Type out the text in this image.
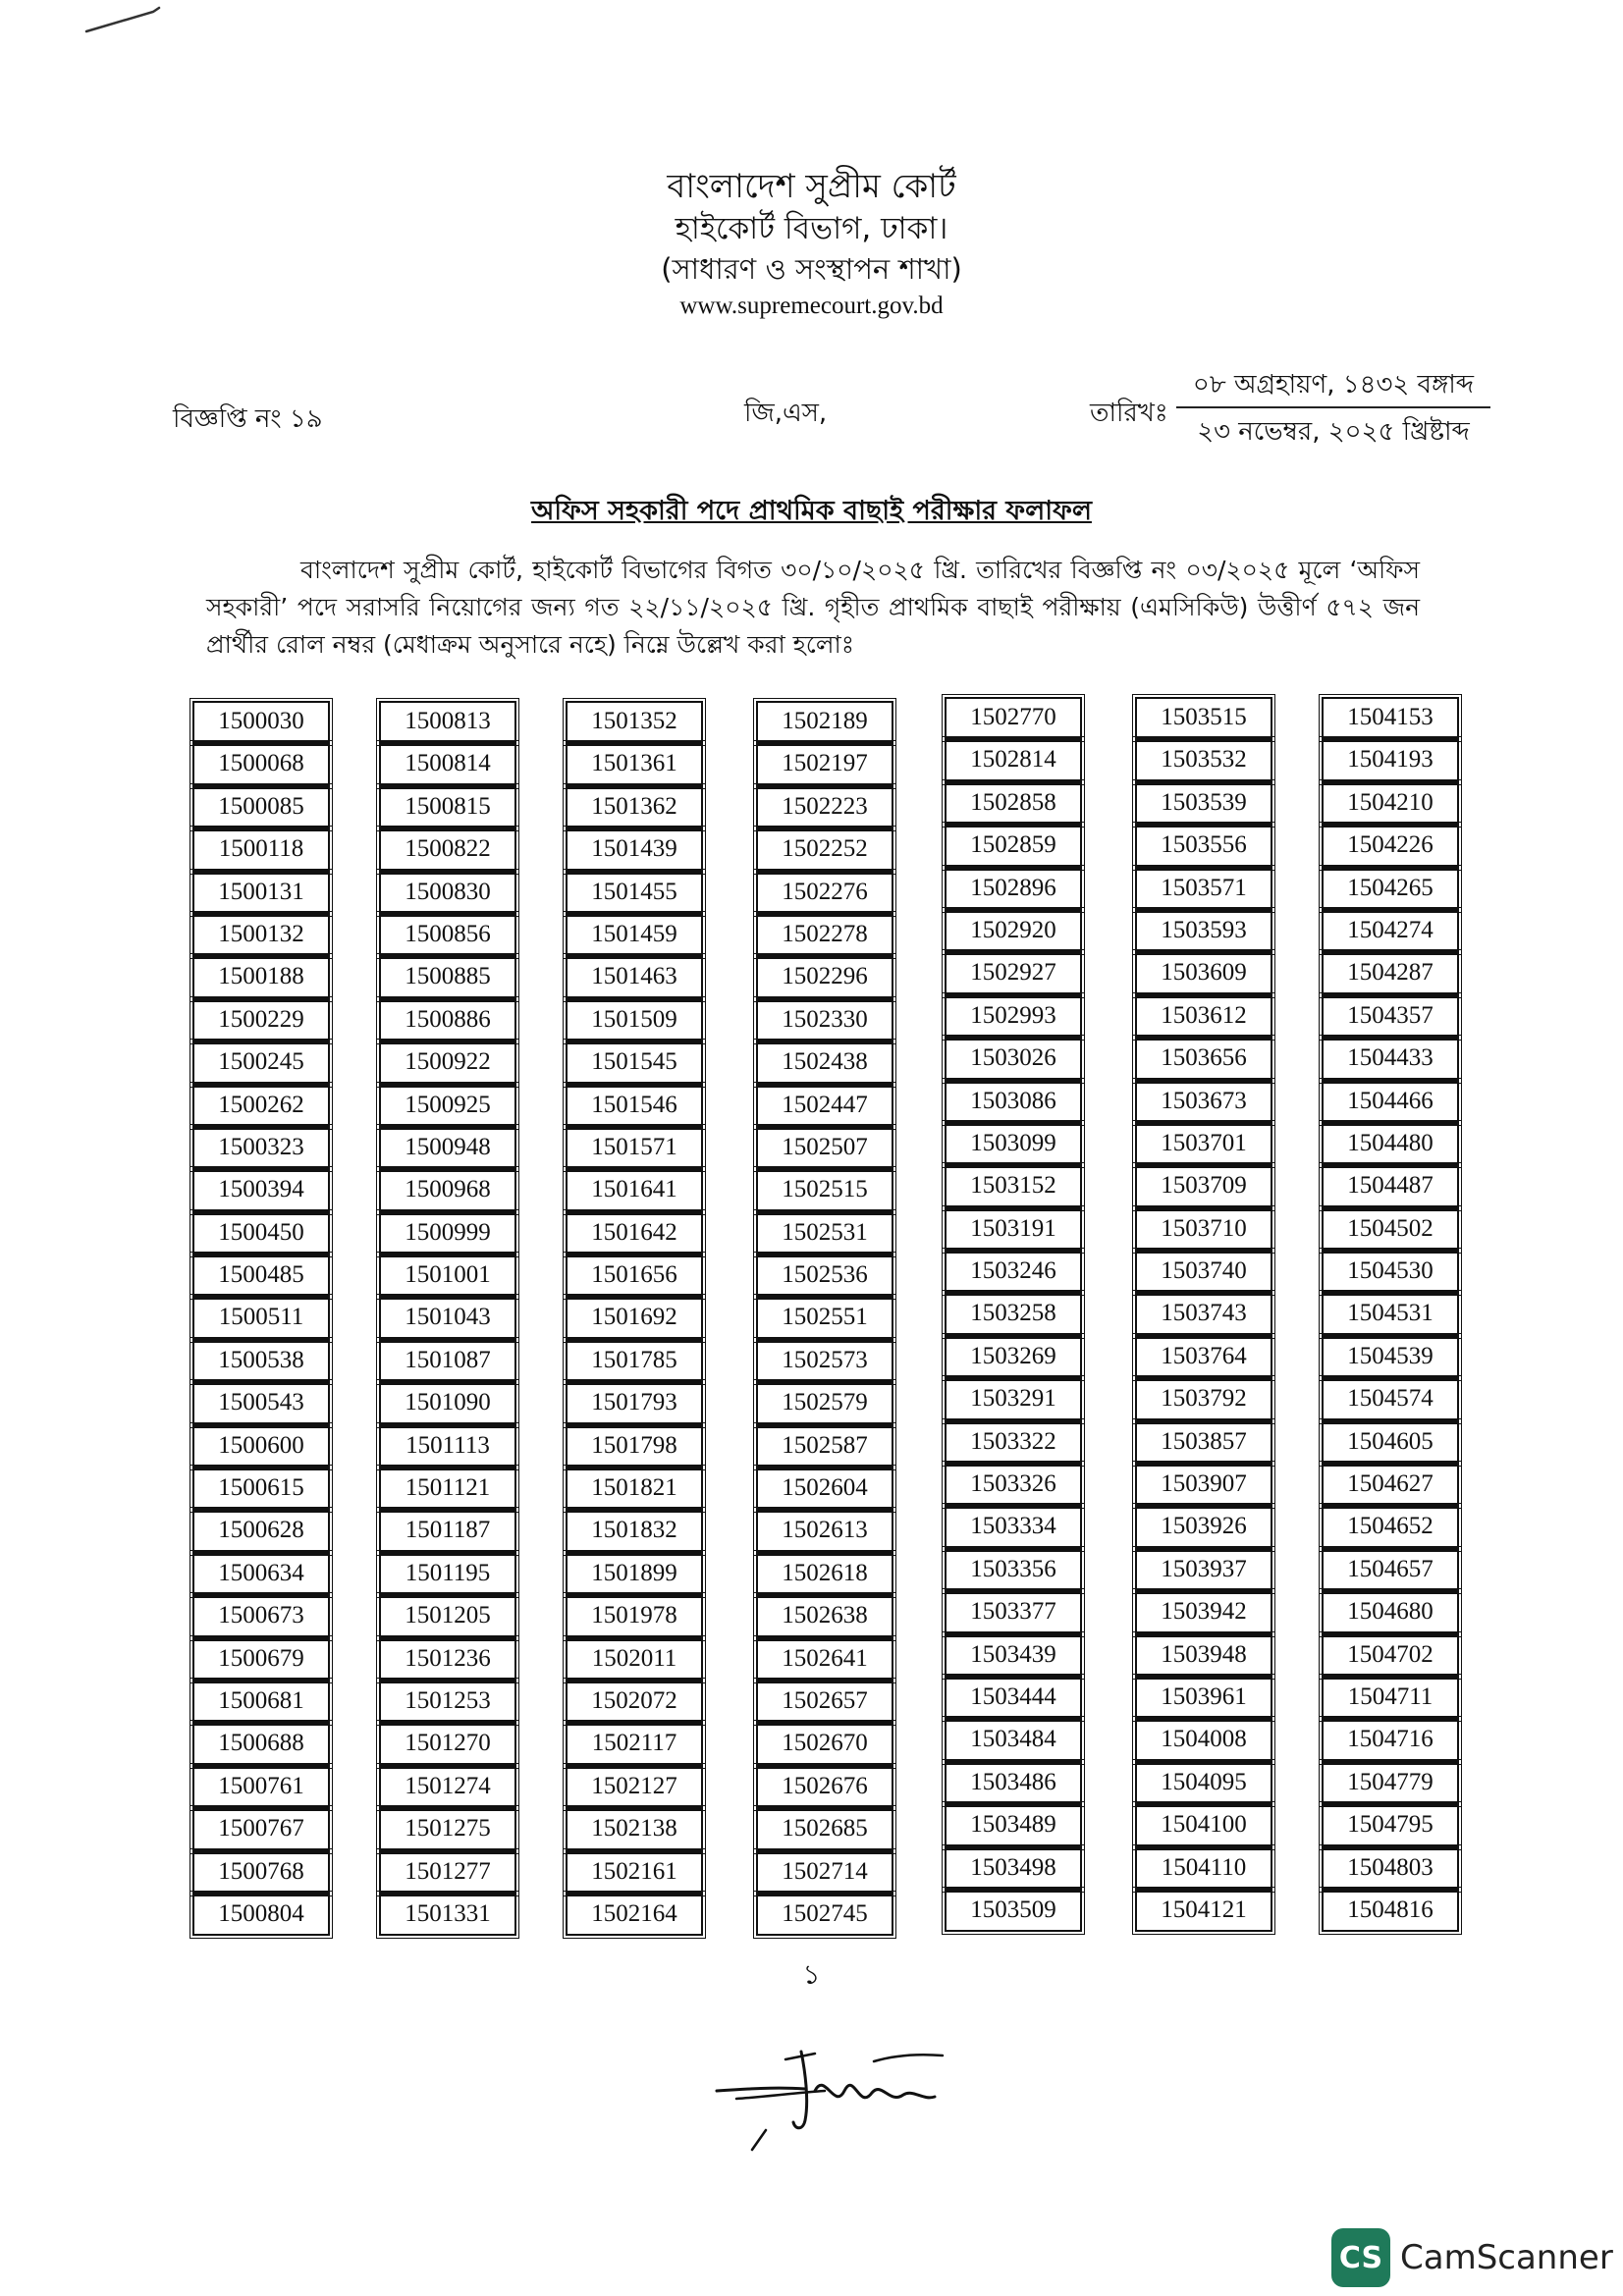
বাংলাদেশ সুপ্রীম কোর্ট
হাইকোর্ট বিভাগ, ঢাকা।
(সাধারণ ও সংস্থাপন শাখা)
www.supremecourt.gov.bd
বিজ্ঞপ্তি নং ১৯	জি,এস,	তারিখঃ
০৮ অগ্রহায়ণ, ১৪৩২ বঙ্গাব্দ
২৩ নভেম্বর, ২০২৫ খ্রিষ্টাব্দ
অফিস সহকারী পদে প্রাথমিক বাছাই পরীক্ষার ফলাফল
বাংলাদেশ সুপ্রীম কোর্ট, হাইকোর্ট বিভাগের বিগত ৩০/১০/২০২৫ খ্রি. তারিখের বিজ্ঞপ্তি নং ০৩/২০২৫ মূলে ‘অফিস সহকারী’ পদে সরাসরি নিয়োগের জন্য গত ২২/১১/২০২৫ খ্রি. গৃহীত প্রাথমিক বাছাই পরীক্ষায় (এমসিকিউ) উত্তীর্ণ ৫৭২ জন প্রার্থীর রোল নম্বর (মেধাক্রম অনুসারে নহে) নিম্নে উল্লেখ করা হলোঃ
1500030
1500068
1500085
1500118
1500131
1500132
1500188
1500229
1500245
1500262
1500323
1500394
1500450
1500485
1500511
1500538
1500543
1500600
1500615
1500628
1500634
1500673
1500679
1500681
1500688
1500761
1500767
1500768
1500804
1500813
1500814
1500815
1500822
1500830
1500856
1500885
1500886
1500922
1500925
1500948
1500968
1500999
1501001
1501043
1501087
1501090
1501113
1501121
1501187
1501195
1501205
1501236
1501253
1501270
1501274
1501275
1501277
1501331
1501352
1501361
1501362
1501439
1501455
1501459
1501463
1501509
1501545
1501546
1501571
1501641
1501642
1501656
1501692
1501785
1501793
1501798
1501821
1501832
1501899
1501978
1502011
1502072
1502117
1502127
1502138
1502161
1502164
1502189
1502197
1502223
1502252
1502276
1502278
1502296
1502330
1502438
1502447
1502507
1502515
1502531
1502536
1502551
1502573
1502579
1502587
1502604
1502613
1502618
1502638
1502641
1502657
1502670
1502676
1502685
1502714
1502745
1502770
1502814
1502858
1502859
1502896
1502920
1502927
1502993
1503026
1503086
1503099
1503152
1503191
1503246
1503258
1503269
1503291
1503322
1503326
1503334
1503356
1503377
1503439
1503444
1503484
1503486
1503489
1503498
1503509
1503515
1503532
1503539
1503556
1503571
1503593
1503609
1503612
1503656
1503673
1503701
1503709
1503710
1503740
1503743
1503764
1503792
1503857
1503907
1503926
1503937
1503942
1503948
1503961
1504008
1504095
1504100
1504110
1504121
1504153
1504193
1504210
1504226
1504265
1504274
1504287
1504357
1504433
1504466
1504480
1504487
1504502
1504530
1504531
1504539
1504574
1504605
1504627
1504652
1504657
1504680
1504702
1504711
1504716
1504779
1504795
1504803
1504816
১
CS CamScanner
